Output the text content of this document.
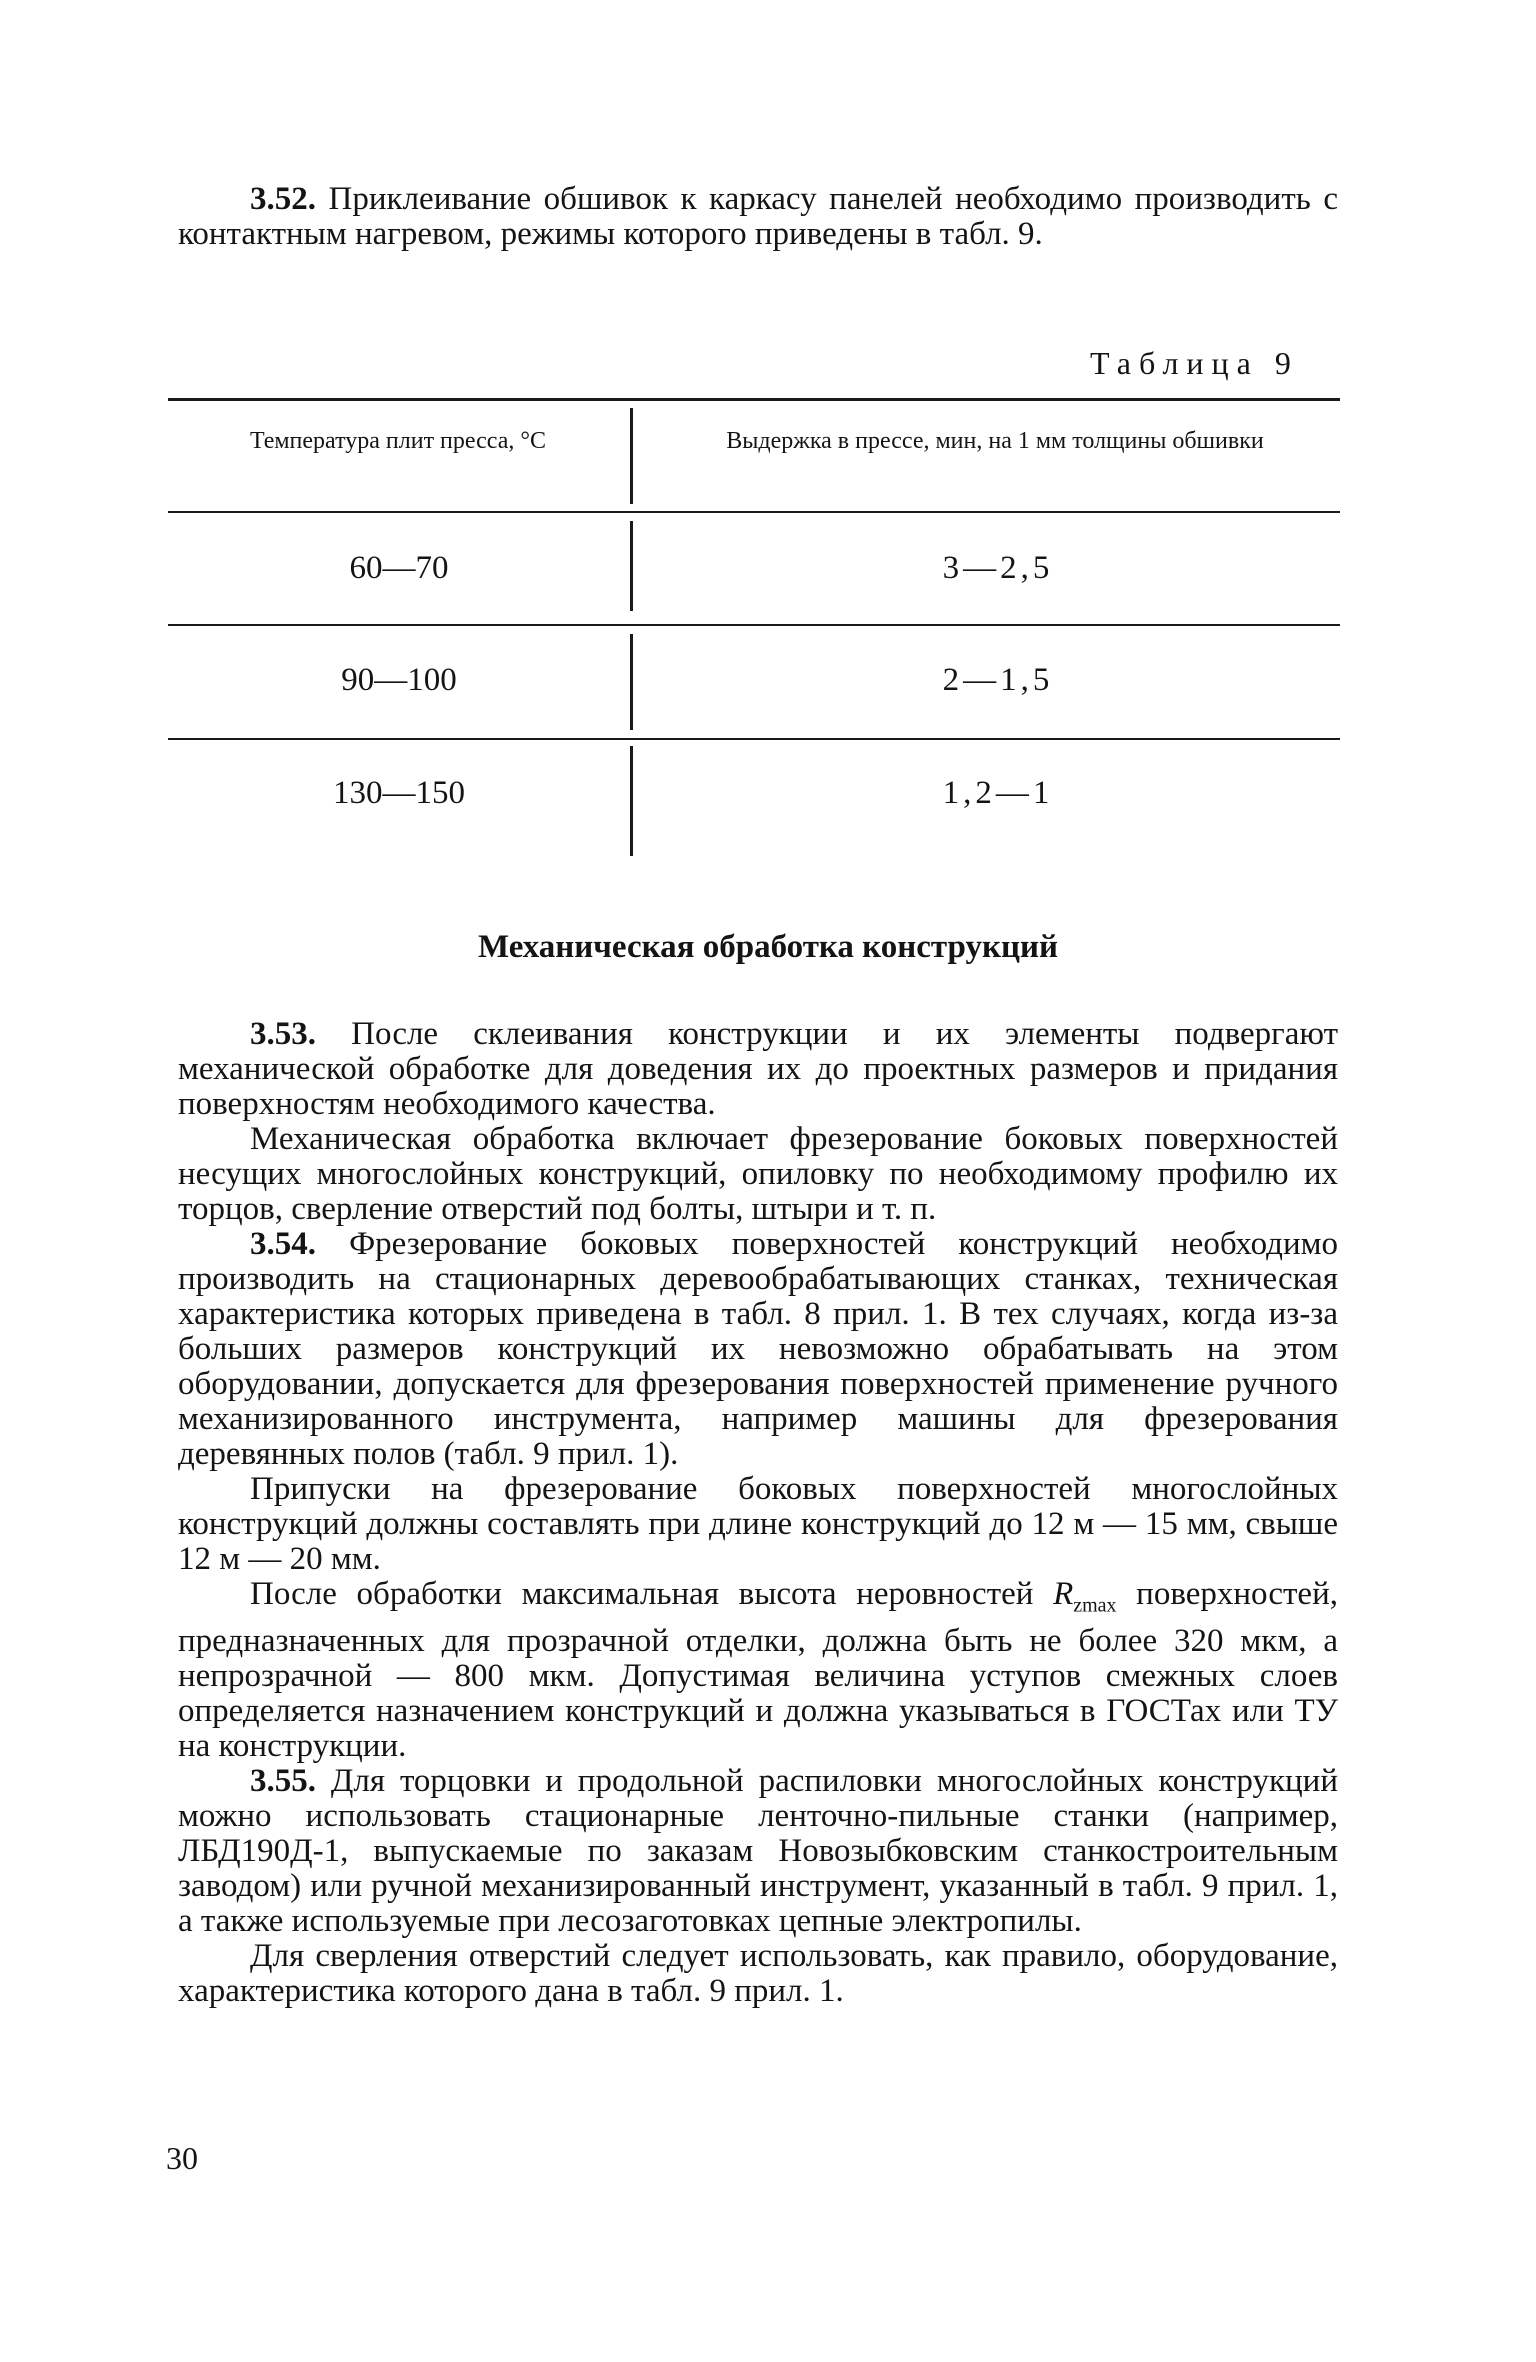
3.52. Приклеивание обшивок к каркасу панелей необходимо производить с контактным нагревом, режимы которого приведены в табл. 9.

Таблица 9
Температура плит пресса, °С	Выдержка в прессе, мин, на 1 мм толщины обшивки
60—70	3—2,5
90—100	2—1,5
130—150	1,2—1
Механическая обработка конструкций

3.53. После склеивания конструкции и их элементы подвергают механической обработке для доведения их до проектных размеров и придания поверхностям необходимого качества.

Механическая обработка включает фрезерование боковых поверхностей несущих многослойных конструкций, опиловку по необходимому профилю их торцов, сверление отверстий под болты, штыри и т. п.

3.54. Фрезерование боковых поверхностей конструкций необходимо производить на стационарных деревообрабатывающих станках, техническая характеристика которых приведена в табл. 8 прил. 1. В тех случаях, когда из-за больших размеров конструкций их невозможно обрабатывать на этом оборудовании, допускается для фрезерования поверхностей применение ручного механизированного инструмента, например машины для фрезерования деревянных полов (табл. 9 прил. 1).

Припуски на фрезерование боковых поверхностей многослойных конструкций должны составлять при длине конструкций до 12 м — 15 мм, свыше 12 м — 20 мм.

После обработки максимальная высота неровностей $R_{zmax}$ поверхностей, предназначенных для прозрачной отделки, должна быть не более 320 мкм, а непрозрачной — 800 мкм. Допустимая величина уступов смежных слоев определяется назначением конструкций и должна указываться в ГОСТах или ТУ на конструкции.

3.55. Для торцовки и продольной распиловки многослойных конструкций можно использовать стационарные ленточно-пильные станки (например, ЛБД190Д-1, выпускаемые по заказам Новозыбковским станкостроительным заводом) или ручной механизированный инструмент, указанный в табл. 9 прил. 1, а также используемые при лесозаготовках цепные электропилы.

Для сверления отверстий следует использовать, как правило, оборудование, характеристика которого дана в табл. 9 прил. 1.

30
